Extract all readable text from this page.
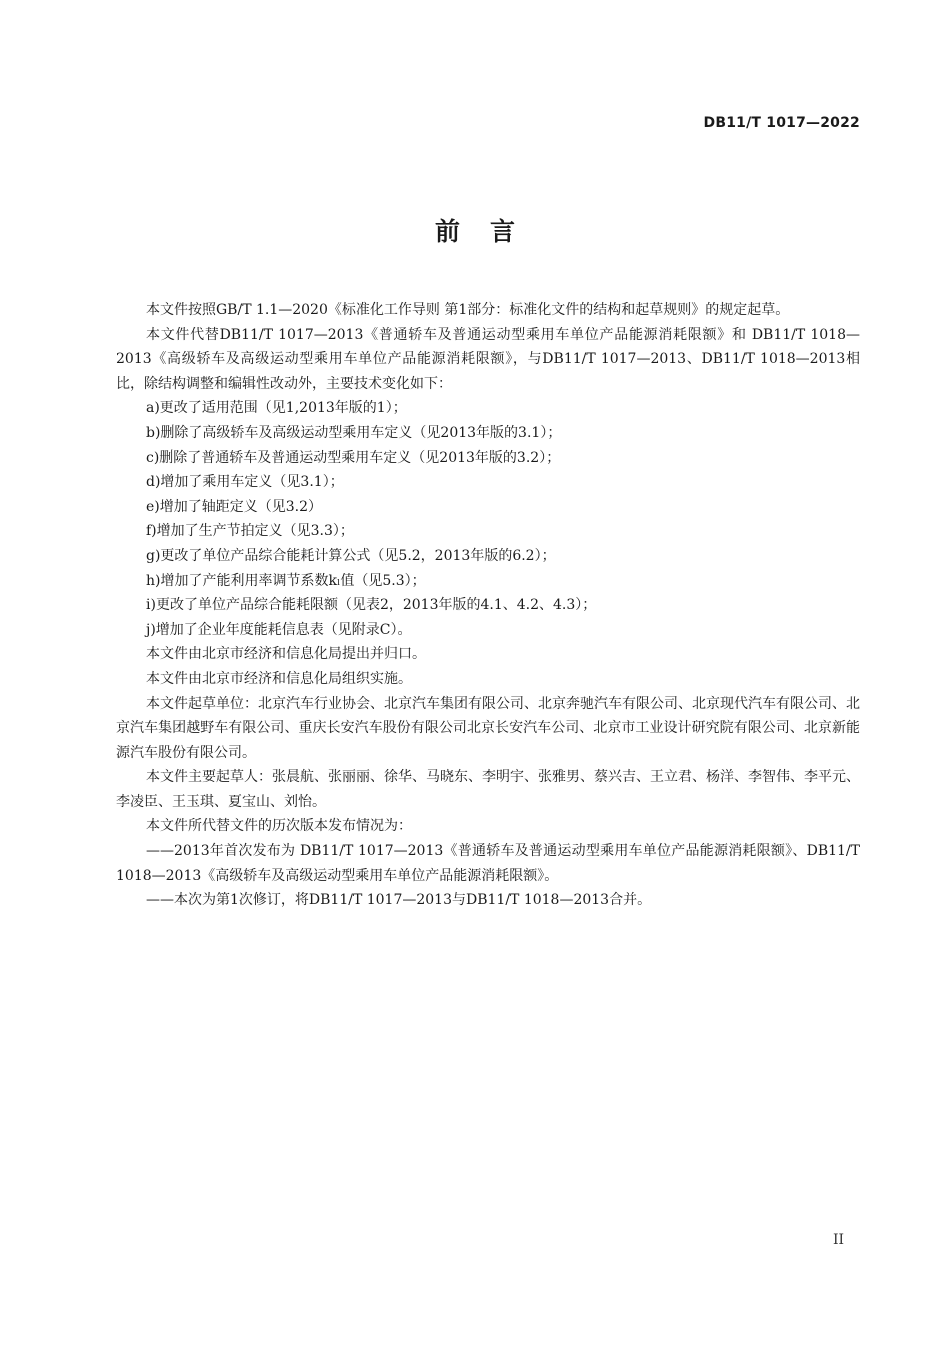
DB11/T 1017—2022
前言

本文件按照GB/T 1.1—2020《标准化工作导则 第1部分：标准化文件的结构和起草规则》的规定起草。

本文件代替DB11/T 1017—2013《普通轿车及普通运动型乘用车单位产品能源消耗限额》和 DB11/T 1018—2013《高级轿车及高级运动型乘用车单位产品能源消耗限额》，与DB11/T 1017—2013、DB11/T 1018—2013相比，除结构调整和编辑性改动外，主要技术变化如下：

a)更改了适用范围（见1,2013年版的1）；

b)删除了高级轿车及高级运动型乘用车定义（见2013年版的3.1）；

c)删除了普通轿车及普通运动型乘用车定义（见2013年版的3.2）；

d)增加了乘用车定义（见3.1）；

e)增加了轴距定义（见3.2）

f)增加了生产节拍定义（见3.3）；

g)更改了单位产品综合能耗计算公式（见5.2，2013年版的6.2）；

h)增加了产能利用率调节系数kₗ值（见5.3）；

i)更改了单位产品综合能耗限额（见表2，2013年版的4.1、4.2、4.3）；

j)增加了企业年度能耗信息表（见附录C）。

本文件由北京市经济和信息化局提出并归口。

本文件由北京市经济和信息化局组织实施。

本文件起草单位：北京汽车行业协会、北京汽车集团有限公司、北京奔驰汽车有限公司、北京现代汽车有限公司、北京汽车集团越野车有限公司、重庆长安汽车股份有限公司北京长安汽车公司、北京市工业设计研究院有限公司、北京新能源汽车股份有限公司。

本文件主要起草人：张晨航、张丽丽、徐华、马晓东、李明宇、张雅男、蔡兴吉、王立君、杨洋、李智伟、李平元、李凌臣、王玉琪、夏宝山、刘怡。

本文件所代替文件的历次版本发布情况为：

——2013年首次发布为 DB11/T 1017—2013《普通轿车及普通运动型乘用车单位产品能源消耗限额》、DB11/T 1018—2013《高级轿车及高级运动型乘用车单位产品能源消耗限额》。

——本次为第1次修订，将DB11/T 1017—2013与DB11/T 1018—2013合并。

II
